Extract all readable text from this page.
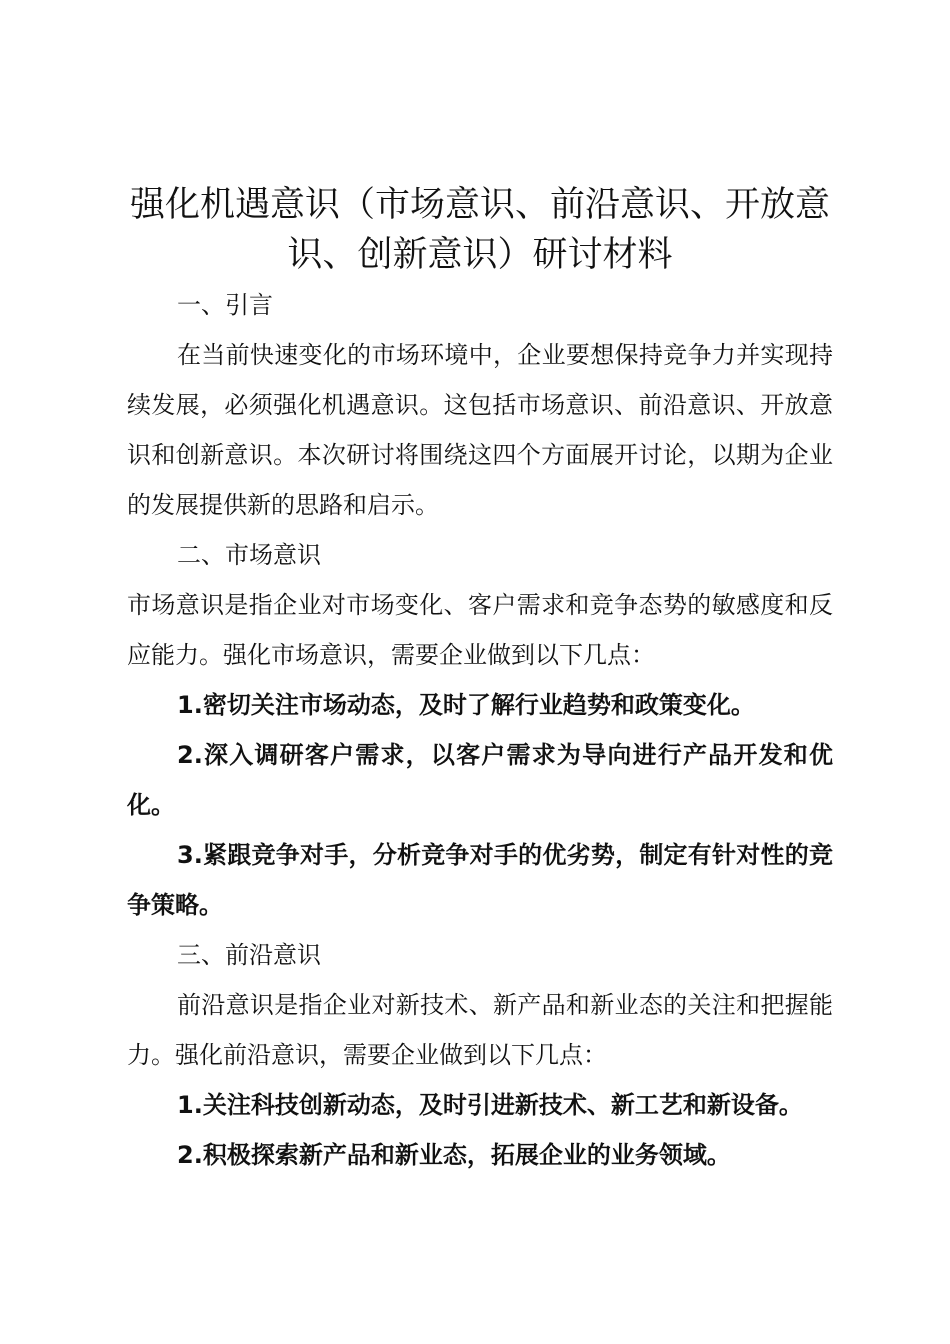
强化机遇意识（市场意识、前沿意识、开放意识、创新意识）研讨材料

一、引言

在当前快速变化的市场环境中，企业要想保持竞争力并实现持续发展，必须强化机遇意识。这包括市场意识、前沿意识、开放意识和创新意识。本次研讨将围绕这四个方面展开讨论，以期为企业的发展提供新的思路和启示。

二、市场意识

市场意识是指企业对市场变化、客户需求和竞争态势的敏感度和反应能力。强化市场意识，需要企业做到以下几点：

1.密切关注市场动态，及时了解行业趋势和政策变化。

2.深入调研客户需求，以客户需求为导向进行产品开发和优化。

3.紧跟竞争对手，分析竞争对手的优劣势，制定有针对性的竞争策略。

三、前沿意识

前沿意识是指企业对新技术、新产品和新业态的关注和把握能力。强化前沿意识，需要企业做到以下几点：

1.关注科技创新动态，及时引进新技术、新工艺和新设备。

2.积极探索新产品和新业态，拓展企业的业务领域。
